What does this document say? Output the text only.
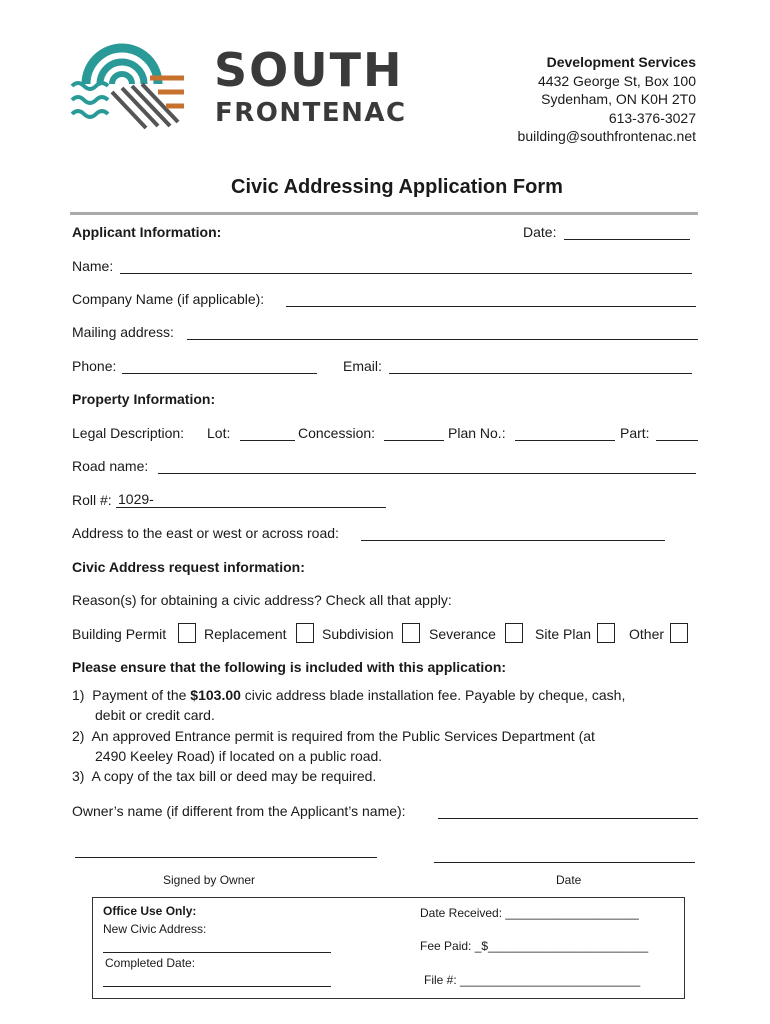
SOUTH
FRONTENAC
Development Services
4432 George St, Box 100
Sydenham, ON K0H 2T0
613-376-3027
building@southfrontenac.net
Civic Addressing Application Form
Applicant Information:	Date:
Name:
Company Name (if applicable):
Mailing address:
Phone:	Email:
Property Information:
Legal Description: Lot:	Concession:	Plan No.:	Part:
Road name:
Roll #: 1029-
Address to the east or west or across road:
Civic Address request information:
Reason(s) for obtaining a civic address? Check all that apply:
Building Permit	Replacement	Subdivision	Severance	Site Plan	Other
Please ensure that the following is included with this application:
1)  Payment of the $103.00 civic address blade installation fee. Payable by cheque, cash,
debit or credit card.
2)  An approved Entrance permit is required from the Public Services Department (at
2490 Keeley Road) if located on a public road.
3)  A copy of the tax bill or deed may be required.
Owner’s name (if different from the Applicant’s name):
Signed by Owner	Date
Office Use Only:
New Civic Address:
Completed Date:
Date Received: ____________________
Fee Paid: _$________________________
File #: ___________________________
